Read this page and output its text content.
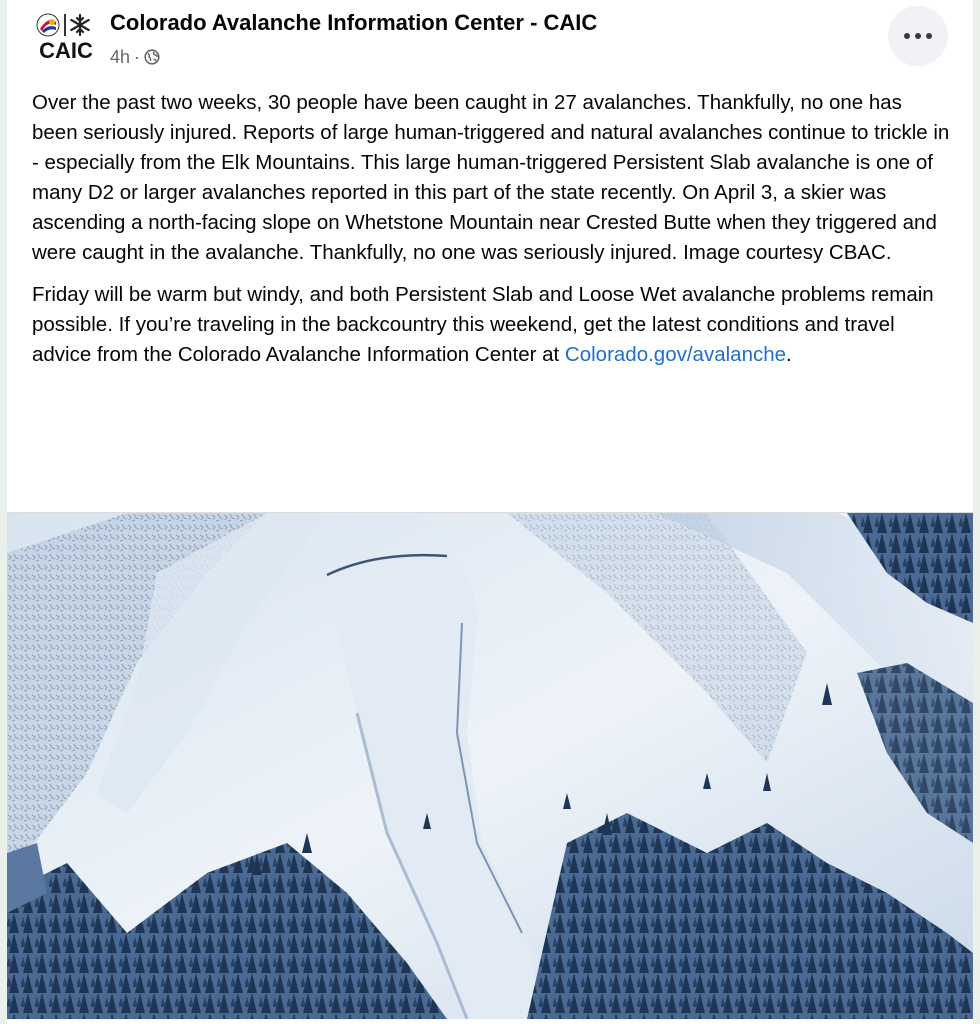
CAIC
Colorado Avalanche Information Center - CAIC
4h ·

Over the past two weeks, 30 people have been caught in 27 avalanches. Thankfully, no one has been seriously injured. Reports of large human-triggered and natural avalanches continue to trickle in - especially from the Elk Mountains. This large human-triggered Persistent Slab avalanche is one of many D2 or larger avalanches reported in this part of the state recently. On April 3, a skier was ascending a north-facing slope on Whetstone Mountain near Crested Butte when they triggered and were caught in the avalanche. Thankfully, no one was seriously injured. Image courtesy CBAC.

Friday will be warm but windy, and both Persistent Slab and Loose Wet avalanche problems remain possible. If you’re traveling in the backcountry this weekend, get the latest conditions and travel advice from the Colorado Avalanche Information Center at Colorado.gov/avalanche.
